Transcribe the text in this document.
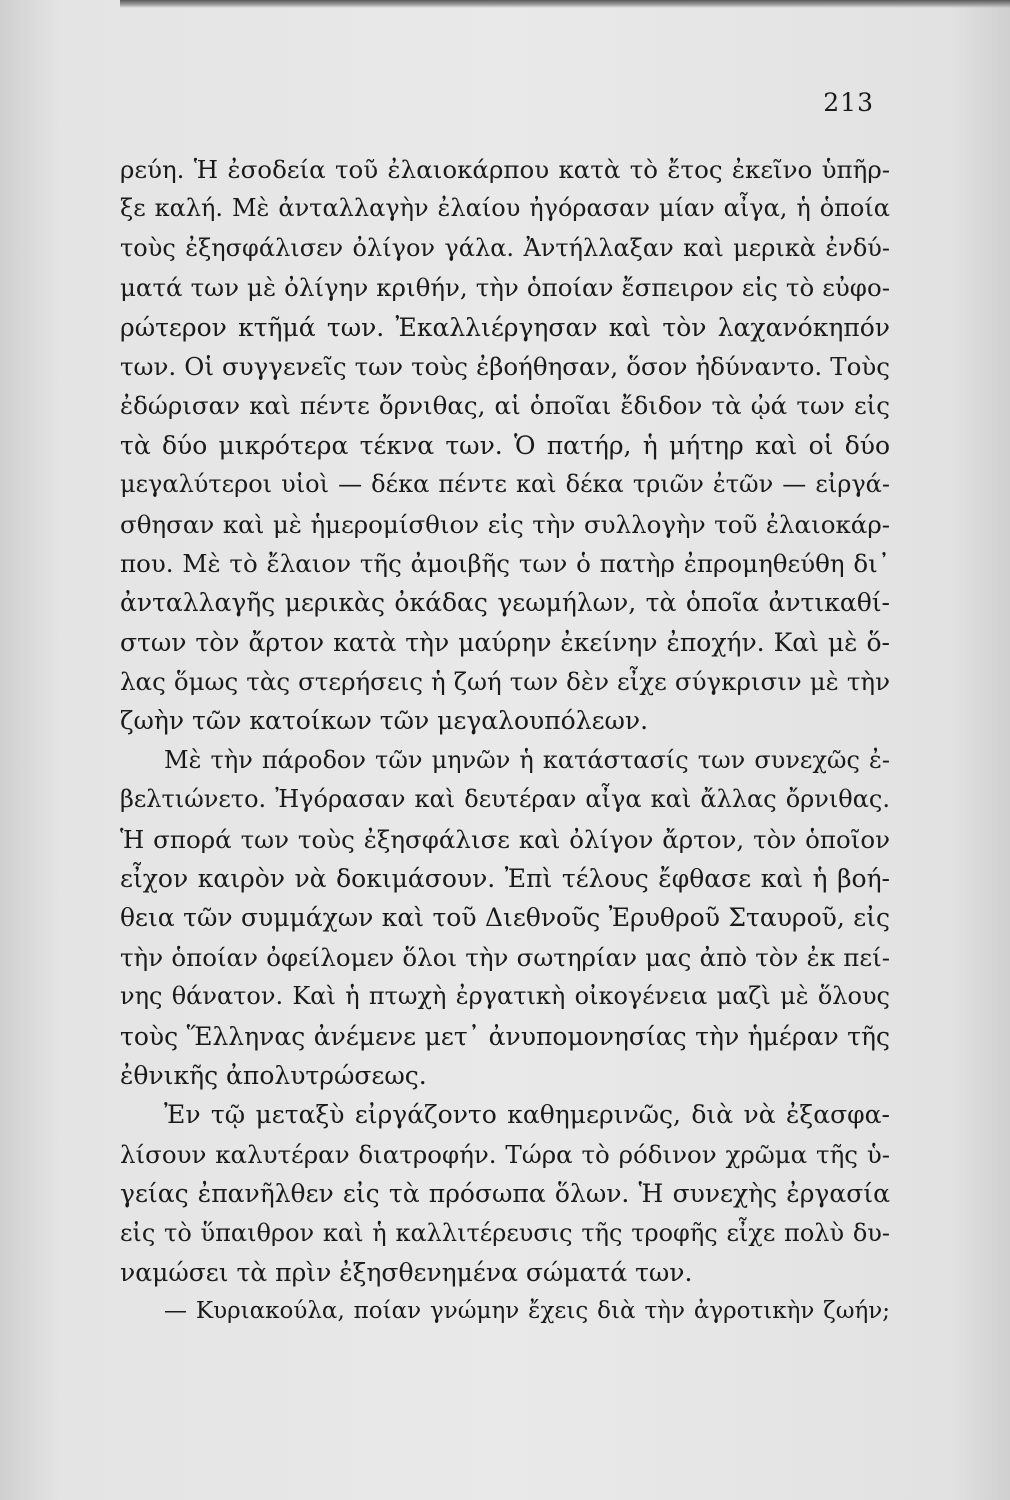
213
ρεύη. Ἡ ἐσοδεία τοῦ ἐλαιοκάρπου κατὰ τὸ ἔτος ἐκεῖνο ὑπῆρ-
ξε καλή. Μὲ ἀνταλλαγὴν ἐλαίου ἠγόρασαν μίαν αἶγα, ἡ ὁποία
τοὺς ἐξησφάλισεν ὀλίγον γάλα. Ἀντήλλαξαν καὶ μερικὰ ἐνδύ-
ματά των μὲ ὀλίγην κριθήν, τὴν ὁποίαν ἔσπειρον εἰς τὸ εὐφο-
ρώτερον κτῆμά των. Ἐκαλλιέργησαν καὶ τὸν λαχανόκηπόν
των. Οἱ συγγενεῖς των τοὺς ἐβοήθησαν, ὅσον ἠδύναντο. Τοὺς
ἐδώρισαν καὶ πέντε ὄρνιθας, αἱ ὁποῖαι ἔδιδον τὰ ᾠά των εἰς
τὰ δύο μικρότερα τέκνα των. Ὁ πατήρ, ἡ μήτηρ καὶ οἱ δύο
μεγαλύτεροι υἱοὶ — δέκα πέντε καὶ δέκα τριῶν ἐτῶν — εἰργά-
σθησαν καὶ μὲ ἡμερομίσθιον εἰς τὴν συλλογὴν τοῦ ἐλαιοκάρ-
που. Μὲ τὸ ἔλαιον τῆς ἀμοιβῆς των ὁ πατὴρ ἐπρομηθεύθη δι᾽
ἀνταλλαγῆς μερικὰς ὀκάδας γεωμήλων, τὰ ὁποῖα ἀντικαθί-
στων τὸν ἄρτον κατὰ τὴν μαύρην ἐκείνην ἐποχήν. Καὶ μὲ ὅ-
λας ὅμως τὰς στερήσεις ἡ ζωή των δὲν εἶχε σύγκρισιν μὲ τὴν
ζωὴν τῶν κατοίκων τῶν μεγαλουπόλεων.
Μὲ τὴν πάροδον τῶν μηνῶν ἡ κατάστασίς των συνεχῶς ἐ-
βελτιώνετο. Ἠγόρασαν καὶ δευτέραν αἶγα καὶ ἄλλας ὄρνιθας.
Ἡ σπορά των τοὺς ἐξησφάλισε καὶ ὀλίγον ἄρτον, τὸν ὁποῖον
εἶχον καιρὸν νὰ δοκιμάσουν. Ἐπὶ τέλους ἔφθασε καὶ ἡ βοή-
θεια τῶν συμμάχων καὶ τοῦ Διεθνοῦς Ἐρυθροῦ Σταυροῦ, εἰς
τὴν ὁποίαν ὀφείλομεν ὅλοι τὴν σωτηρίαν μας ἀπὸ τὸν ἐκ πεί-
νης θάνατον. Καὶ ἡ πτωχὴ ἐργατικὴ οἰκογένεια μαζὶ μὲ ὅλους
τοὺς Ἕλληνας ἀνέμενε μετ᾽ ἀνυπομονησίας τὴν ἡμέραν τῆς
ἐθνικῆς ἀπολυτρώσεως.
Ἐν τῷ μεταξὺ εἰργάζοντο καθημερινῶς, διὰ νὰ ἐξασφα-
λίσουν καλυτέραν διατροφήν. Τώρα τὸ ρόδινον χρῶμα τῆς ὑ-
γείας ἐπανῆλθεν εἰς τὰ πρόσωπα ὅλων. Ἡ συνεχὴς ἐργασία
εἰς τὸ ὕπαιθρον καὶ ἡ καλλιτέρευσις τῆς τροφῆς εἶχε πολὺ δυ-
ναμώσει τὰ πρὶν ἐξησθενημένα σώματά των.
— Κυριακούλα, ποίαν γνώμην ἔχεις διὰ τὴν ἀγροτικὴν ζωήν;
